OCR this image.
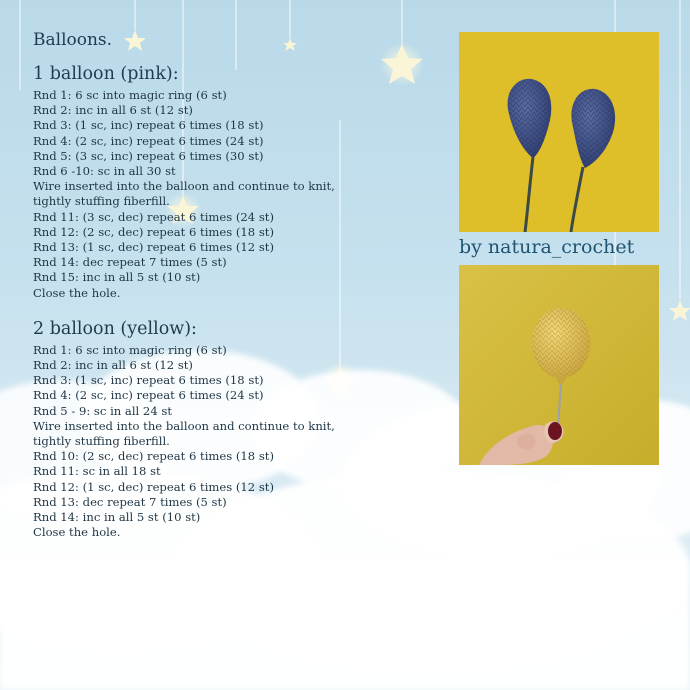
Balloons.
1 balloon (pink):
Rnd 1: 6 sc into magic ring (6 st)
Rnd 2: inc in all 6 st (12 st)
Rnd 3: (1 sc, inc) repeat 6 times (18 st)
Rnd 4: (2 sc, inc) repeat 6 times (24 st)
Rnd 5: (3 sc, inc) repeat 6 times (30 st)
Rnd 6 -10: sc in all 30 st
Wire inserted into the balloon and continue to knit,
tightly stuffing fiberfill.
Rnd 11: (3 sc, dec) repeat 6 times (24 st)
Rnd 12: (2 sc, dec) repeat 6 times (18 st)
Rnd 13: (1 sc, dec) repeat 6 times (12 st)
Rnd 14: dec repeat 7 times (5 st)
Rnd 15: inc in all 5 st (10 st)
Close the hole.
2 balloon (yellow):
Rnd 1: 6 sc into magic ring (6 st)
Rnd 2: inc in all 6 st (12 st)
Rnd 3: (1 sc, inc) repeat 6 times (18 st)
Rnd 4: (2 sc, inc) repeat 6 times (24 st)
Rnd 5 - 9: sc in all 24 st
Wire inserted into the balloon and continue to knit,
tightly stuffing fiberfill.
Rnd 10: (2 sc, dec) repeat 6 times (18 st)
Rnd 11: sc in all 18 st
Rnd 12: (1 sc, dec) repeat 6 times (12 st)
Rnd 13: dec repeat 7 times (5 st)
Rnd 14: inc in all 5 st (10 st)
Close the hole.
by natura_crochet
